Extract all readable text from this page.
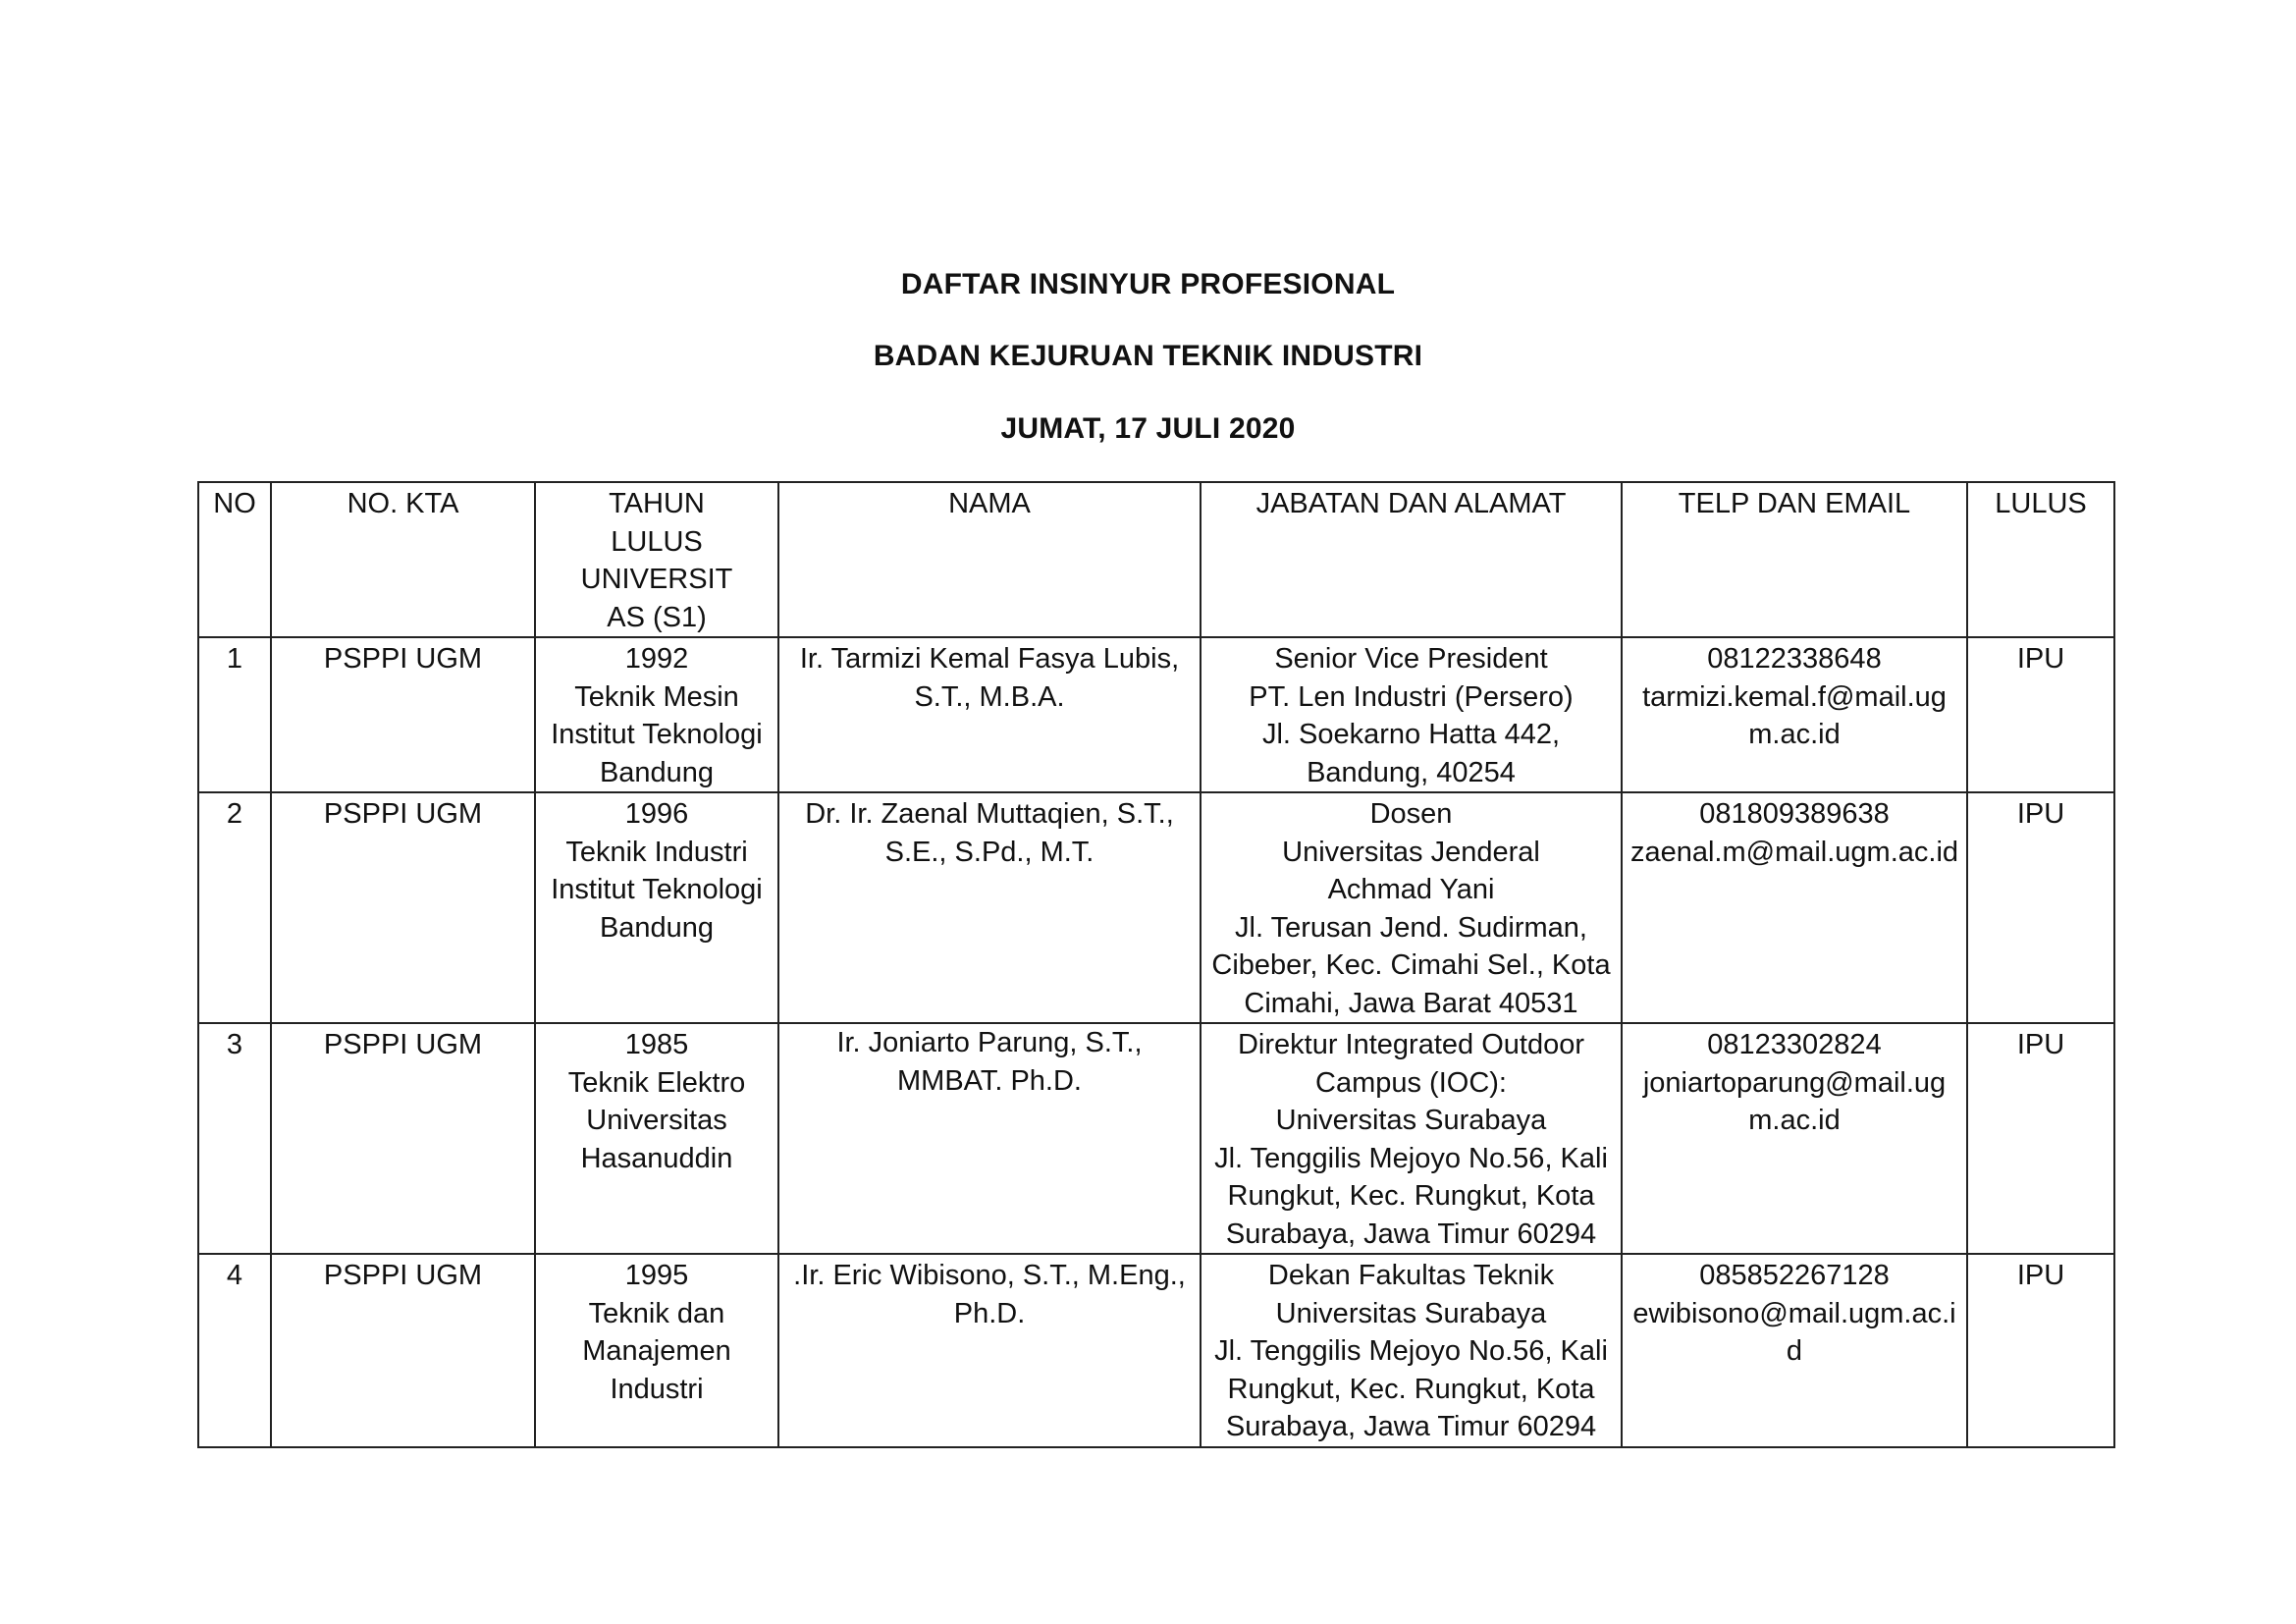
DAFTAR INSINYUR PROFESIONAL
BADAN KEJURUAN TEKNIK INDUSTRI
JUMAT, 17 JULI 2020
NO	NO. KTA	TAHUN LULUS UNIVERSITAS (S1)	NAMA	JABATAN DAN ALAMAT	TELP DAN EMAIL	LULUS
1	PSPPI UGM	1992
Teknik Mesin
Institut Teknologi Bandung	Ir. Tarmizi Kemal Fasya Lubis, S.T., M.B.A.	Senior Vice President
PT. Len Industri (Persero)
Jl. Soekarno Hatta 442, Bandung, 40254	08122338648
tarmizi.kemal.f@mail.ugm.ac.id	IPU
2	PSPPI UGM	1996
Teknik Industri
Institut Teknologi Bandung	Dr. Ir. Zaenal Muttaqien, S.T., S.E., S.Pd., M.T.	Dosen
Universitas Jenderal Achmad Yani
Jl. Terusan Jend. Sudirman, Cibeber, Kec. Cimahi Sel., Kota Cimahi, Jawa Barat 40531	081809389638
zaenal.m@mail.ugm.ac.id	IPU
3	PSPPI UGM	1985
Teknik Elektro
Universitas Hasanuddin	Ir. Joniarto Parung, S.T., MMBAT. Ph.D.	Direktur Integrated Outdoor Campus (IOC):
Universitas Surabaya
Jl. Tenggilis Mejoyo No.56, Kali Rungkut, Kec. Rungkut, Kota Surabaya, Jawa Timur 60294	08123302824
joniartoparung@mail.ugm.ac.id	IPU
4	PSPPI UGM	1995
Teknik dan Manajemen Industri	.Ir. Eric Wibisono, S.T., M.Eng., Ph.D.	Dekan Fakultas Teknik
Universitas Surabaya
Jl. Tenggilis Mejoyo No.56, Kali Rungkut, Kec. Rungkut, Kota Surabaya, Jawa Timur 60294	085852267128
ewibisono@mail.ugm.ac.id	IPU
